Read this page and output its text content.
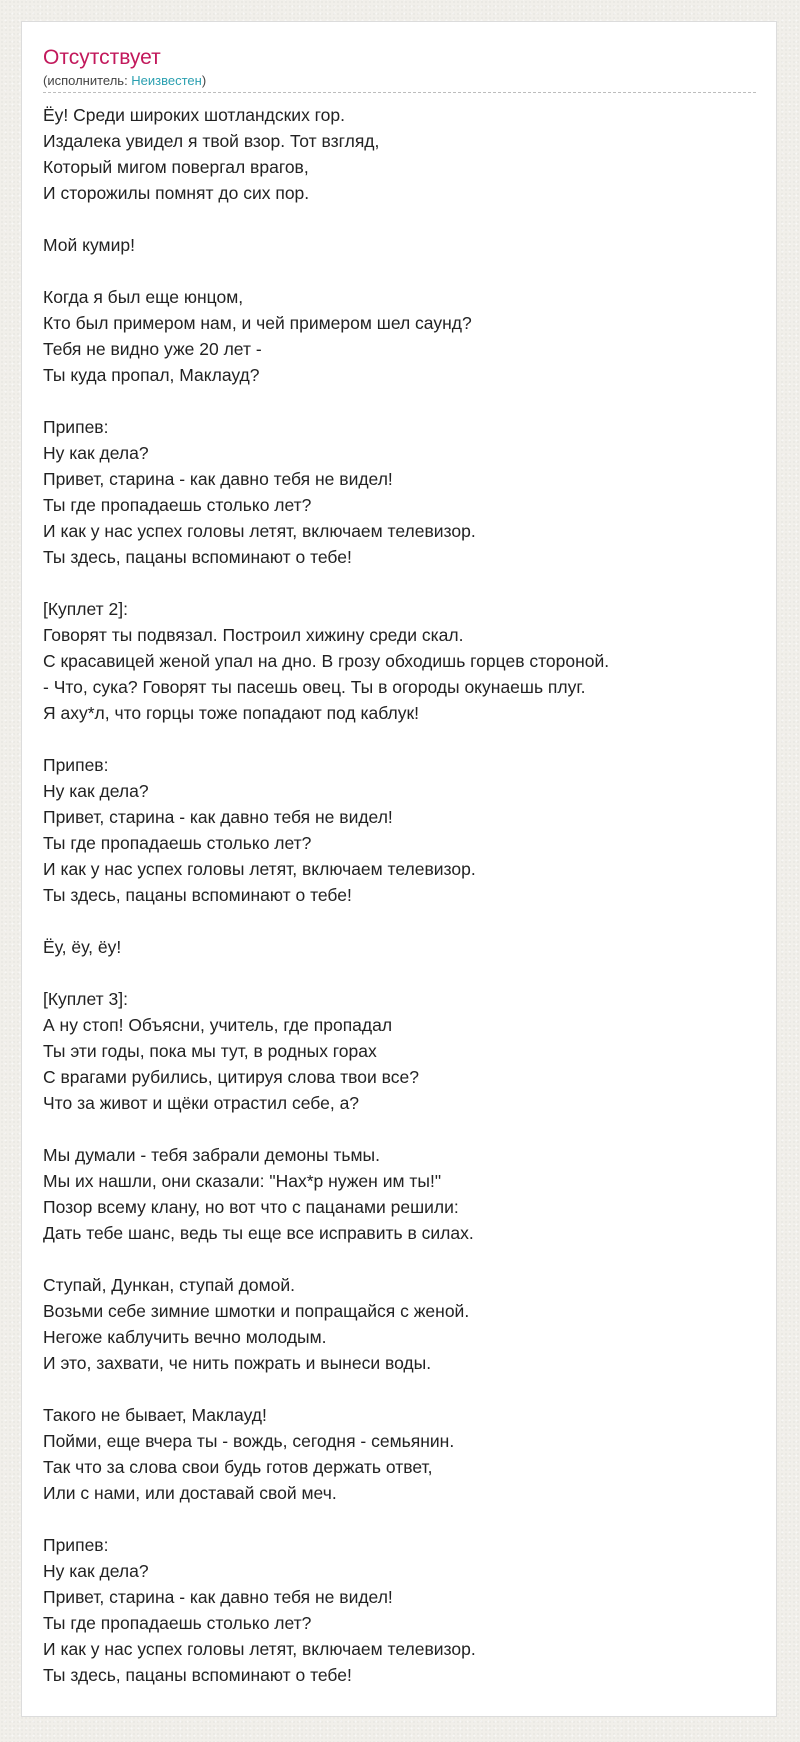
Отсутствует
(исполнитель: Неизвестен)
Ёу! Среди широких шотландских гор.
Издалека увидел я твой взор. Тот взгляд,
Который мигом повергал врагов,
И сторожилы помнят до сих пор.
Мой кумир!
Когда я был еще юнцом,
Кто был примером нам, и чей примером шел саунд?
Тебя не видно уже 20 лет -
Ты куда пропал, Маклауд?
Припев:
Ну как дела?
Привет, старина - как давно тебя не видел!
Ты где пропадаешь столько лет?
И как у нас успех головы летят, включаем телевизор.
Ты здесь, пацаны вспоминают о тебе!
[Куплет 2]:
Говорят ты подвязал. Построил хижину среди скал.
С красавицей женой упал на дно. В грозу обходишь горцев стороной.
- Что, сука? Говорят ты пасешь овец. Ты в огороды окунаешь плуг.
Я аху*л, что горцы тоже попадают под каблук!
Припев:
Ну как дела?
Привет, старина - как давно тебя не видел!
Ты где пропадаешь столько лет?
И как у нас успех головы летят, включаем телевизор.
Ты здесь, пацаны вспоминают о тебе!
Ёу, ёу, ёу!
[Куплет 3]:
А ну стоп! Объясни, учитель, где пропадал
Ты эти годы, пока мы тут, в родных горах
С врагами рубились, цитируя слова твои все?
Что за живот и щёки отрастил себе, а?
Мы думали - тебя забрали демоны тьмы.
Мы их нашли, они сказали: "Нах*р нужен им ты!"
Позор всему клану, но вот что с пацанами решили:
Дать тебе шанс, ведь ты еще все исправить в силах.
Ступай, Дункан, ступай домой.
Возьми себе зимние шмотки и попращайся с женой.
Негоже каблучить вечно молодым.
И это, захвати, че нить пожрать и вынеси воды.
Такого не бывает, Маклауд!
Пойми, еще вчера ты - вождь, сегодня - семьянин.
Так что за слова свои будь готов держать ответ,
Или с нами, или доставай свой меч.
Припев:
Ну как дела?
Привет, старина - как давно тебя не видел!
Ты где пропадаешь столько лет?
И как у нас успех головы летят, включаем телевизор.
Ты здесь, пацаны вспоминают о тебе!
